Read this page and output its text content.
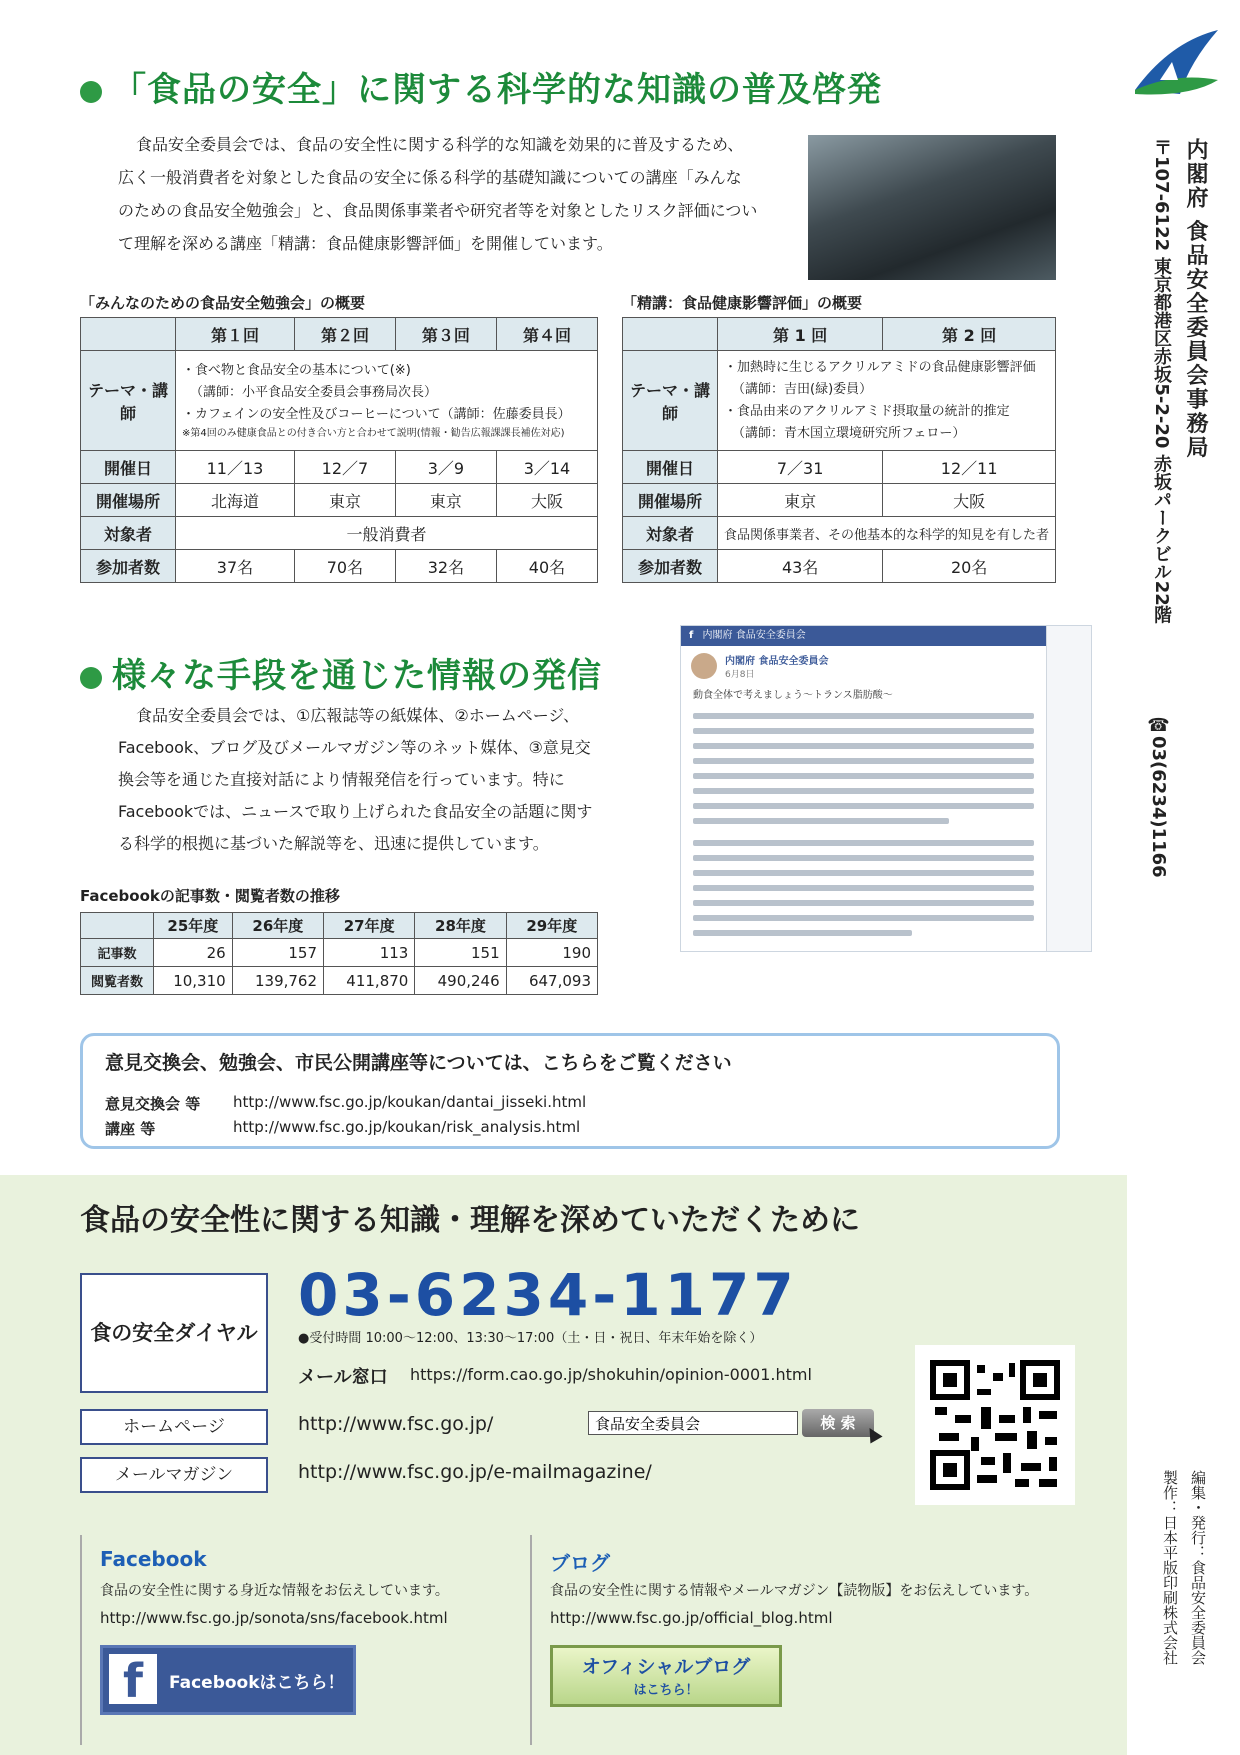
内閣府 食品安全委員会事務局
〒107-6122 東京都港区赤坂5-2-20 赤坂パークビル22階
☎03(6234)1166
編集・発行：食品安全委員会
製作：日本平版印刷株式会社
「食品の安全」に関する科学的な知識の普及啓発
食品安全委員会では、食品の安全性に関する科学的な知識を効果的に普及するため、
広く一般消費者を対象とした食品の安全に係る科学的基礎知識についての講座「みんな
のための食品安全勉強会」と、食品関係事業者や研究者等を対象としたリスク評価につい
て理解を深める講座「精講：食品健康影響評価」を開催しています。
「みんなのための食品安全勉強会」の概要
	第１回	第２回	第３回	第４回
テーマ・講師	・食べ物と食品安全の基本について(※)
（講師：小平食品安全委員会事務局次長）
・カフェインの安全性及びコーヒーについて（講師：佐藤委員長）
※第4回のみ健康食品との付き合い方と合わせて説明(情報・勧告広報課課長補佐対応)			

開催日	11／13	12／7	3／9	3／14
開催場所	北海道	東京	東京	大阪
対象者	一般消費者			
参加者数	37名	70名	32名	40名
「精講：食品健康影響評価」の概要
	第 1 回	第 2 回
テーマ・講師	・加熱時に生じるアクリルアミドの食品健康影響評価
（講師：吉田(緑)委員）
・食品由来のアクリルアミド摂取量の統計的推定
（講師：青木国立環境研究所フェロー）	

開催日	7／31	12／11
開催場所	東京	大阪
対象者	食品関係事業者、その他基本的な科学的知見を有した者	
参加者数	43名	20名
様々な手段を通じた情報の発信
食品安全委員会では、①広報誌等の紙媒体、②ホームページ、
Facebook、ブログ及びメールマガジン等のネット媒体、③意見交
換会等を通じた直接対話により情報発信を行っています。特に
Facebookでは、ニュースで取り上げられた食品安全の話題に関す
る科学的根拠に基づいた解説等を、迅速に提供しています。
f 内閣府 食品安全委員会
内閣府 食品安全委員会
6月8日
動食全体で考えましょう〜トランス脂肪酸〜
Facebookの記事数・閲覧者数の推移
	25年度	26年度	27年度	28年度	29年度
記事数	26	157	113	151	190
閲覧者数	10,310	139,762	411,870	490,246	647,093
意見交換会、勉強会、市民公開講座等については、こちらをご覧ください
意見交換会 等 http://www.fsc.go.jp/koukan/dantai_jisseki.html
講座 等	http://www.fsc.go.jp/koukan/risk_analysis.html
食品の安全性に関する知識・理解を深めていただくために
食の安全ダイヤル
03-6234-1177
●受付時間 10:00〜12:00、13:30〜17:00（土・日・祝日、年末年始を除く）
メール窓口 https://form.cao.go.jp/shokuhin/opinion-0001.html
ホームページ	http://www.fsc.go.jp/
食品安全委員会	検 索
メールマガジン	http://www.fsc.go.jp/e-mailmagazine/
Facebook
食品の安全性に関する身近な情報をお伝えしています。
http://www.fsc.go.jp/sonota/sns/facebook.html
f	Facebookはこちら！
ブログ
食品の安全性に関する情報やメールマガジン【読物版】をお伝えしています。
http://www.fsc.go.jp/official_blog.html
オフィシャルブログ
はこちら！
